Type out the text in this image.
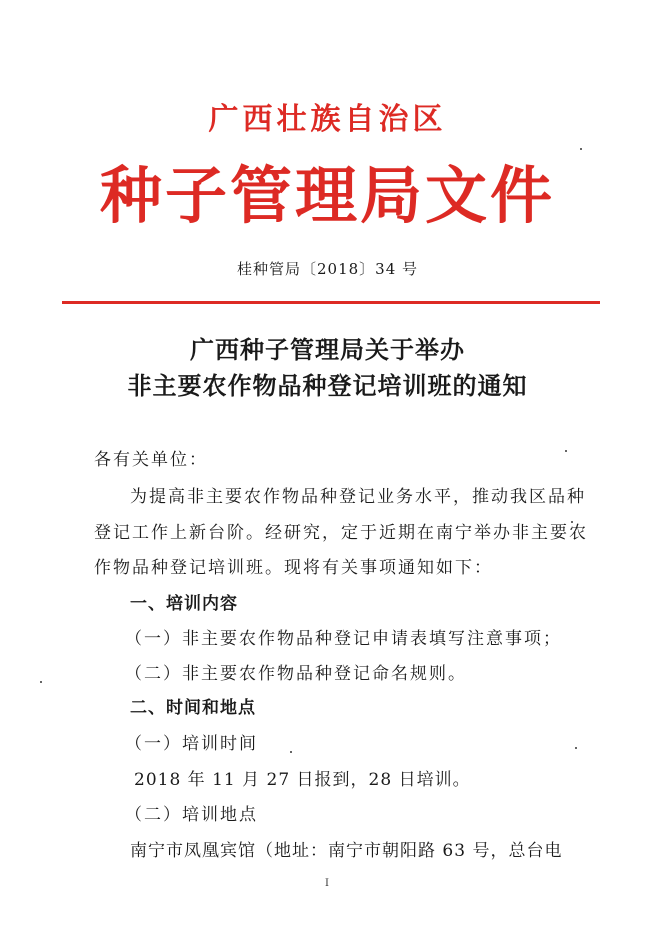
广西壮族自治区
种子管理局文件
桂种管局〔2018〕34 号
广西种子管理局关于举办
非主要农作物品种登记培训班的通知
各有关单位：
为提高非主要农作物品种登记业务水平，推动我区品种
登记工作上新台阶。经研究，定于近期在南宁举办非主要农
作物品种登记培训班。现将有关事项通知如下：
一、培训内容
（一）非主要农作物品种登记申请表填写注意事项；
（二）非主要农作物品种登记命名规则。
二、时间和地点
（一）培训时间
2018 年 11 月 27 日报到，28 日培训。
（二）培训地点
南宁市凤凰宾馆（地址：南宁市朝阳路 63 号，总台电
I
